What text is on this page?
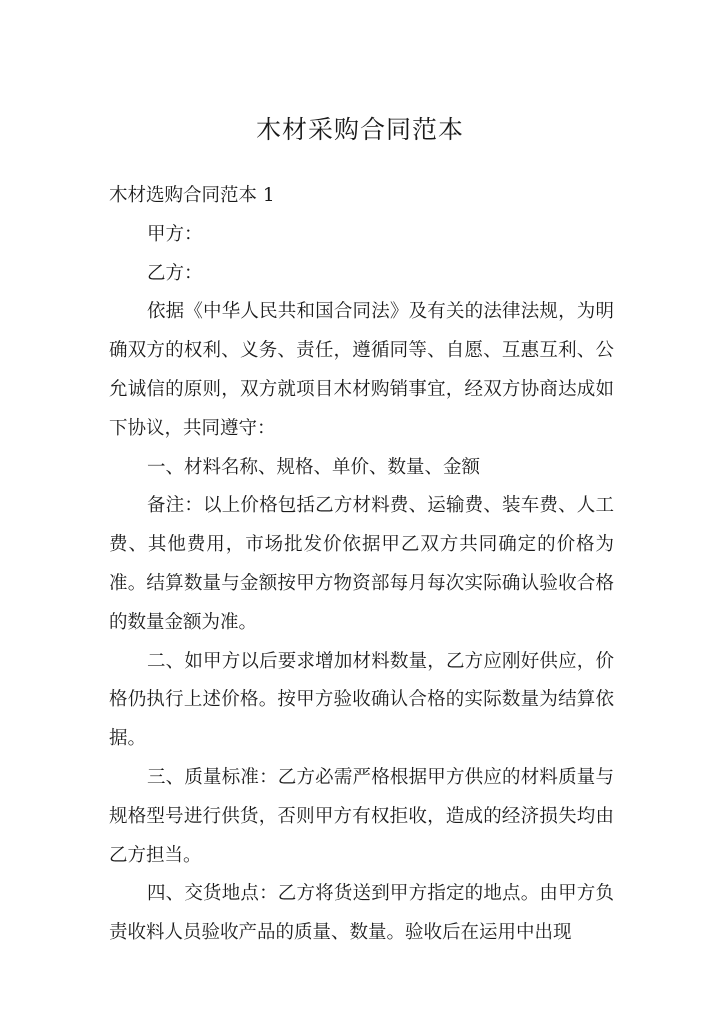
木材采购合同范本

木材选购合同范本 1

甲方：

乙方：

依据《中华人民共和国合同法》及有关的法律法规，为明确双方的权利、义务、责任，遵循同等、自愿、互惠互利、公允诚信的原则，双方就项目木材购销事宜，经双方协商达成如下协议，共同遵守：

一、材料名称、规格、单价、数量、金额

备注：以上价格包括乙方材料费、运输费、装车费、人工费、其他费用，市场批发价依据甲乙双方共同确定的价格为准。结算数量与金额按甲方物资部每月每次实际确认验收合格的数量金额为准。

二、如甲方以后要求增加材料数量，乙方应刚好供应，价格仍执行上述价格。按甲方验收确认合格的实际数量为结算依据。

三、质量标准：乙方必需严格根据甲方供应的材料质量与规格型号进行供货，否则甲方有权拒收，造成的经济损失均由乙方担当。

四、交货地点：乙方将货送到甲方指定的地点。由甲方负责收料人员验收产品的质量、数量。验收后在运用中出现
